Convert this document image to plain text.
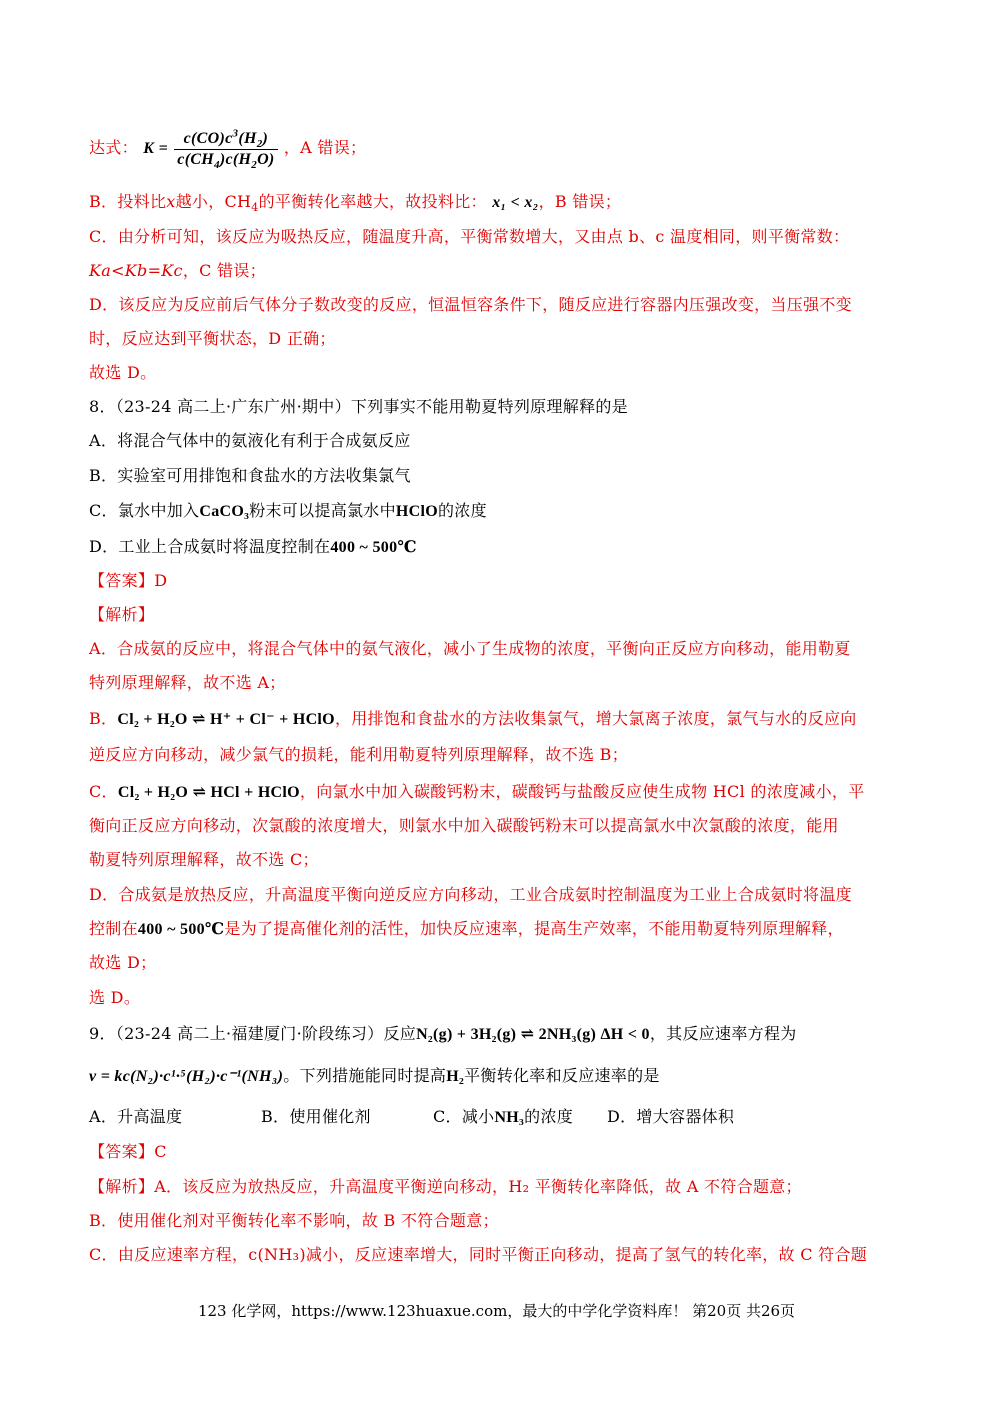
达式： $K = \frac{c(CO)c^3(H_2)}{c(CH_4)c(H_2O)}$ ，A 错误；
B．投料比x越小，$CH_4$的平衡转化率越大，故投料比： x₁ < x₂，B 错误；
C．由分析可知，该反应为吸热反应，随温度升高，平衡常数增大，又由点 b、c 温度相同，则平衡常数：
Ka<Kb=Kc，C 错误；
D．该反应为反应前后气体分子数改变的反应，恒温恒容条件下，随反应进行容器内压强改变，当压强不变
时，反应达到平衡状态，D 正确；
故选 D。
8．（23-24 高二上·广东广州·期中）下列事实不能用勒夏特列原理解释的是
A．将混合气体中的氨液化有利于合成氨反应
B．实验室可用排饱和食盐水的方法收集氯气
C．氯水中加入CaCO₃粉末可以提高氯水中HClO的浓度
D．工业上合成氨时将温度控制在400 ~ 500℃
【答案】D
【解析】
A．合成氨的反应中，将混合气体中的氨气液化，减小了生成物的浓度，平衡向正反应方向移动，能用勒夏
特列原理解释，故不选 A；
B．Cl₂ + H₂O ⇌ H⁺ + Cl⁻ + HClO，用排饱和食盐水的方法收集氯气，增大氯离子浓度，氯气与水的反应向
逆反应方向移动，减少氯气的损耗，能利用勒夏特列原理解释，故不选 B；
C．Cl₂ + H₂O ⇌ HCl + HClO，向氯水中加入碳酸钙粉末，碳酸钙与盐酸反应使生成物 HCl 的浓度减小，平
衡向正反应方向移动，次氯酸的浓度增大，则氯水中加入碳酸钙粉末可以提高氯水中次氯酸的浓度，能用
勒夏特列原理解释，故不选 C；
D．合成氨是放热反应，升高温度平衡向逆反应方向移动，工业合成氨时控制温度为工业上合成氨时将温度
控制在400 ~ 500℃是为了提高催化剂的活性，加快反应速率，提高生产效率，不能用勒夏特列原理解释，
故选 D；
选 D。
9．（23-24 高二上·福建厦门·阶段练习）反应N₂(g) + 3H₂(g) ⇌ 2NH₃(g) ΔH < 0，其反应速率方程为
v = kc(N₂)·c¹·⁵(H₂)·c⁻¹(NH₃)。下列措施能同时提高H₂平衡转化率和反应速率的是
A．升高温度	B．使用催化剂	C．减小NH₃的浓度 D．增大容器体积
【答案】C
【解析】A．该反应为放热反应，升高温度平衡逆向移动，H₂ 平衡转化率降低，故 A 不符合题意；
B．使用催化剂对平衡转化率不影响，故 B 不符合题意；
C．由反应速率方程，c(NH₃)减小，反应速率增大，同时平衡正向移动，提高了氢气的转化率，故 C 符合题
123 化学网，https://www.123huaxue.com，最大的中学化学资料库！ 第20页 共26页
